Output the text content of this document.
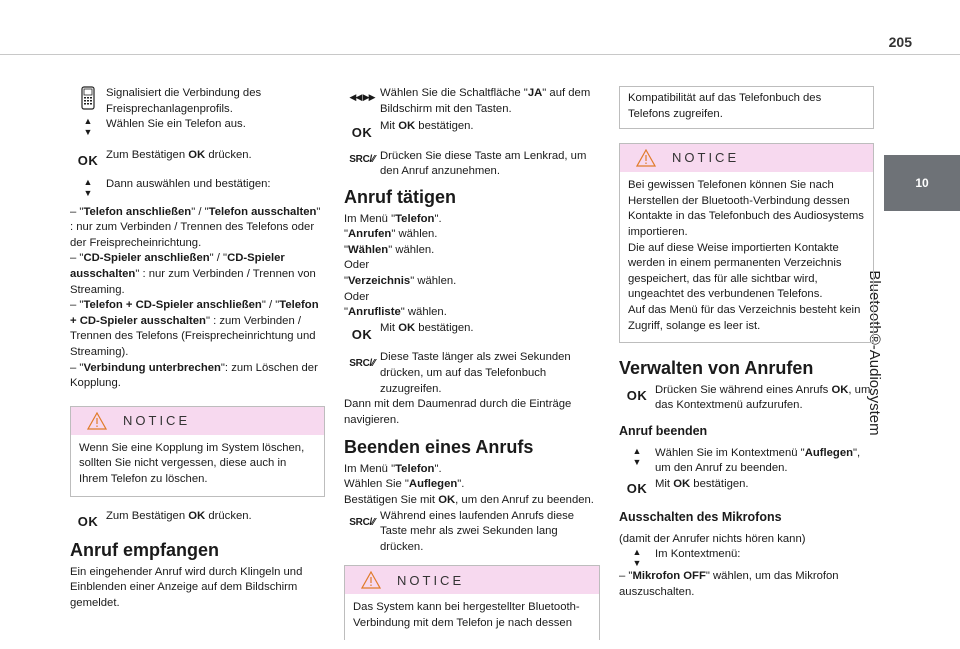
205
10
Bluetooth®-Audiosystem
▲
▼

Signalisiert die Verbindung des Freisprechanlagenprofils.

Wählen Sie ein Telefon aus.

OK Zum Bestätigen OK drücken.

▲
▼

Dann auswählen und bestätigen:

– "Telefon anschließen" / "Telefon ausschalten" : nur zum Verbinden / Trennen des Telefons oder der Freisprecheinrichtung.

– "CD-Spieler anschließen" / "CD-Spieler ausschalten" : nur zum Verbinden / Trennen von Streaming.

– "Telefon + CD-Spieler anschließen" / "Telefon + CD-Spieler ausschalten" : zum Verbinden / Trennen des Telefons (Freisprecheinrichtung und Streaming).

– "Verbindung unterbrechen": zum Löschen der Kopplung.

NOTICE

Wenn Sie eine Kopplung im System löschen, sollten Sie nicht vergessen, diese auch in Ihrem Telefon zu löschen.

OK Zum Bestätigen OK drücken.

Anruf empfangen

Ein eingehender Anruf wird durch Klingeln und Einblenden einer Anzeige auf dem Bildschirm gemeldet.

◀◀ ▶▶ Wählen Sie die Schaltfläche "JA" auf dem Bildschirm mit den Tasten.

OK Mit OK bestätigen.

SRC/⁄⁄ Drücken Sie diese Taste am Lenkrad, um den Anruf anzunehmen.

Anruf tätigen

Im Menü "Telefon".

"Anrufen" wählen.

"Wählen" wählen.

Oder

"Verzeichnis" wählen.

Oder

"Anrufliste" wählen.

OK Mit OK bestätigen.

SRC/⁄⁄

Diese Taste länger als zwei Sekunden drücken, um auf das Telefonbuch zuzugreifen.

Dann mit dem Daumenrad durch die Einträge navigieren.

Beenden eines Anrufs

Im Menü "Telefon".

Wählen Sie "Auflegen".

Bestätigen Sie mit OK, um den Anruf zu beenden.

SRC/⁄⁄

Während eines laufenden Anrufs diese Taste mehr als zwei Sekunden lang drücken.

NOTICE

Das System kann bei hergestellter Bluetooth-Verbindung mit dem Telefon je nach dessen

Kompatibilität auf das Telefonbuch des Telefons zugreifen.

NOTICE

Bei gewissen Telefonen können Sie nach Herstellen der Bluetooth-Verbindung dessen Kontakte in das Telefonbuch des Audiosystems importieren.

Die auf diese Weise importierten Kontakte werden in einem permanenten Verzeichnis gespeichert, das für alle sichtbar wird, ungeachtet des verbundenen Telefons.

Auf das Menü für das Verzeichnis besteht kein Zugriff, solange es leer ist.

Verwalten von Anrufen
OK Drücken Sie während eines Anrufs OK, um das Kontextmenü aufzurufen.

Anruf beenden
▲
▼

Wählen Sie im Kontextmenü "Auflegen", um den Anruf zu beenden.

OK Mit OK bestätigen.

Ausschalten des Mikrofons

(damit der Anrufer nichts hören kann)

▲
▼

Im Kontextmenü:

– "Mikrofon OFF" wählen, um das Mikrofon auszuschalten.
